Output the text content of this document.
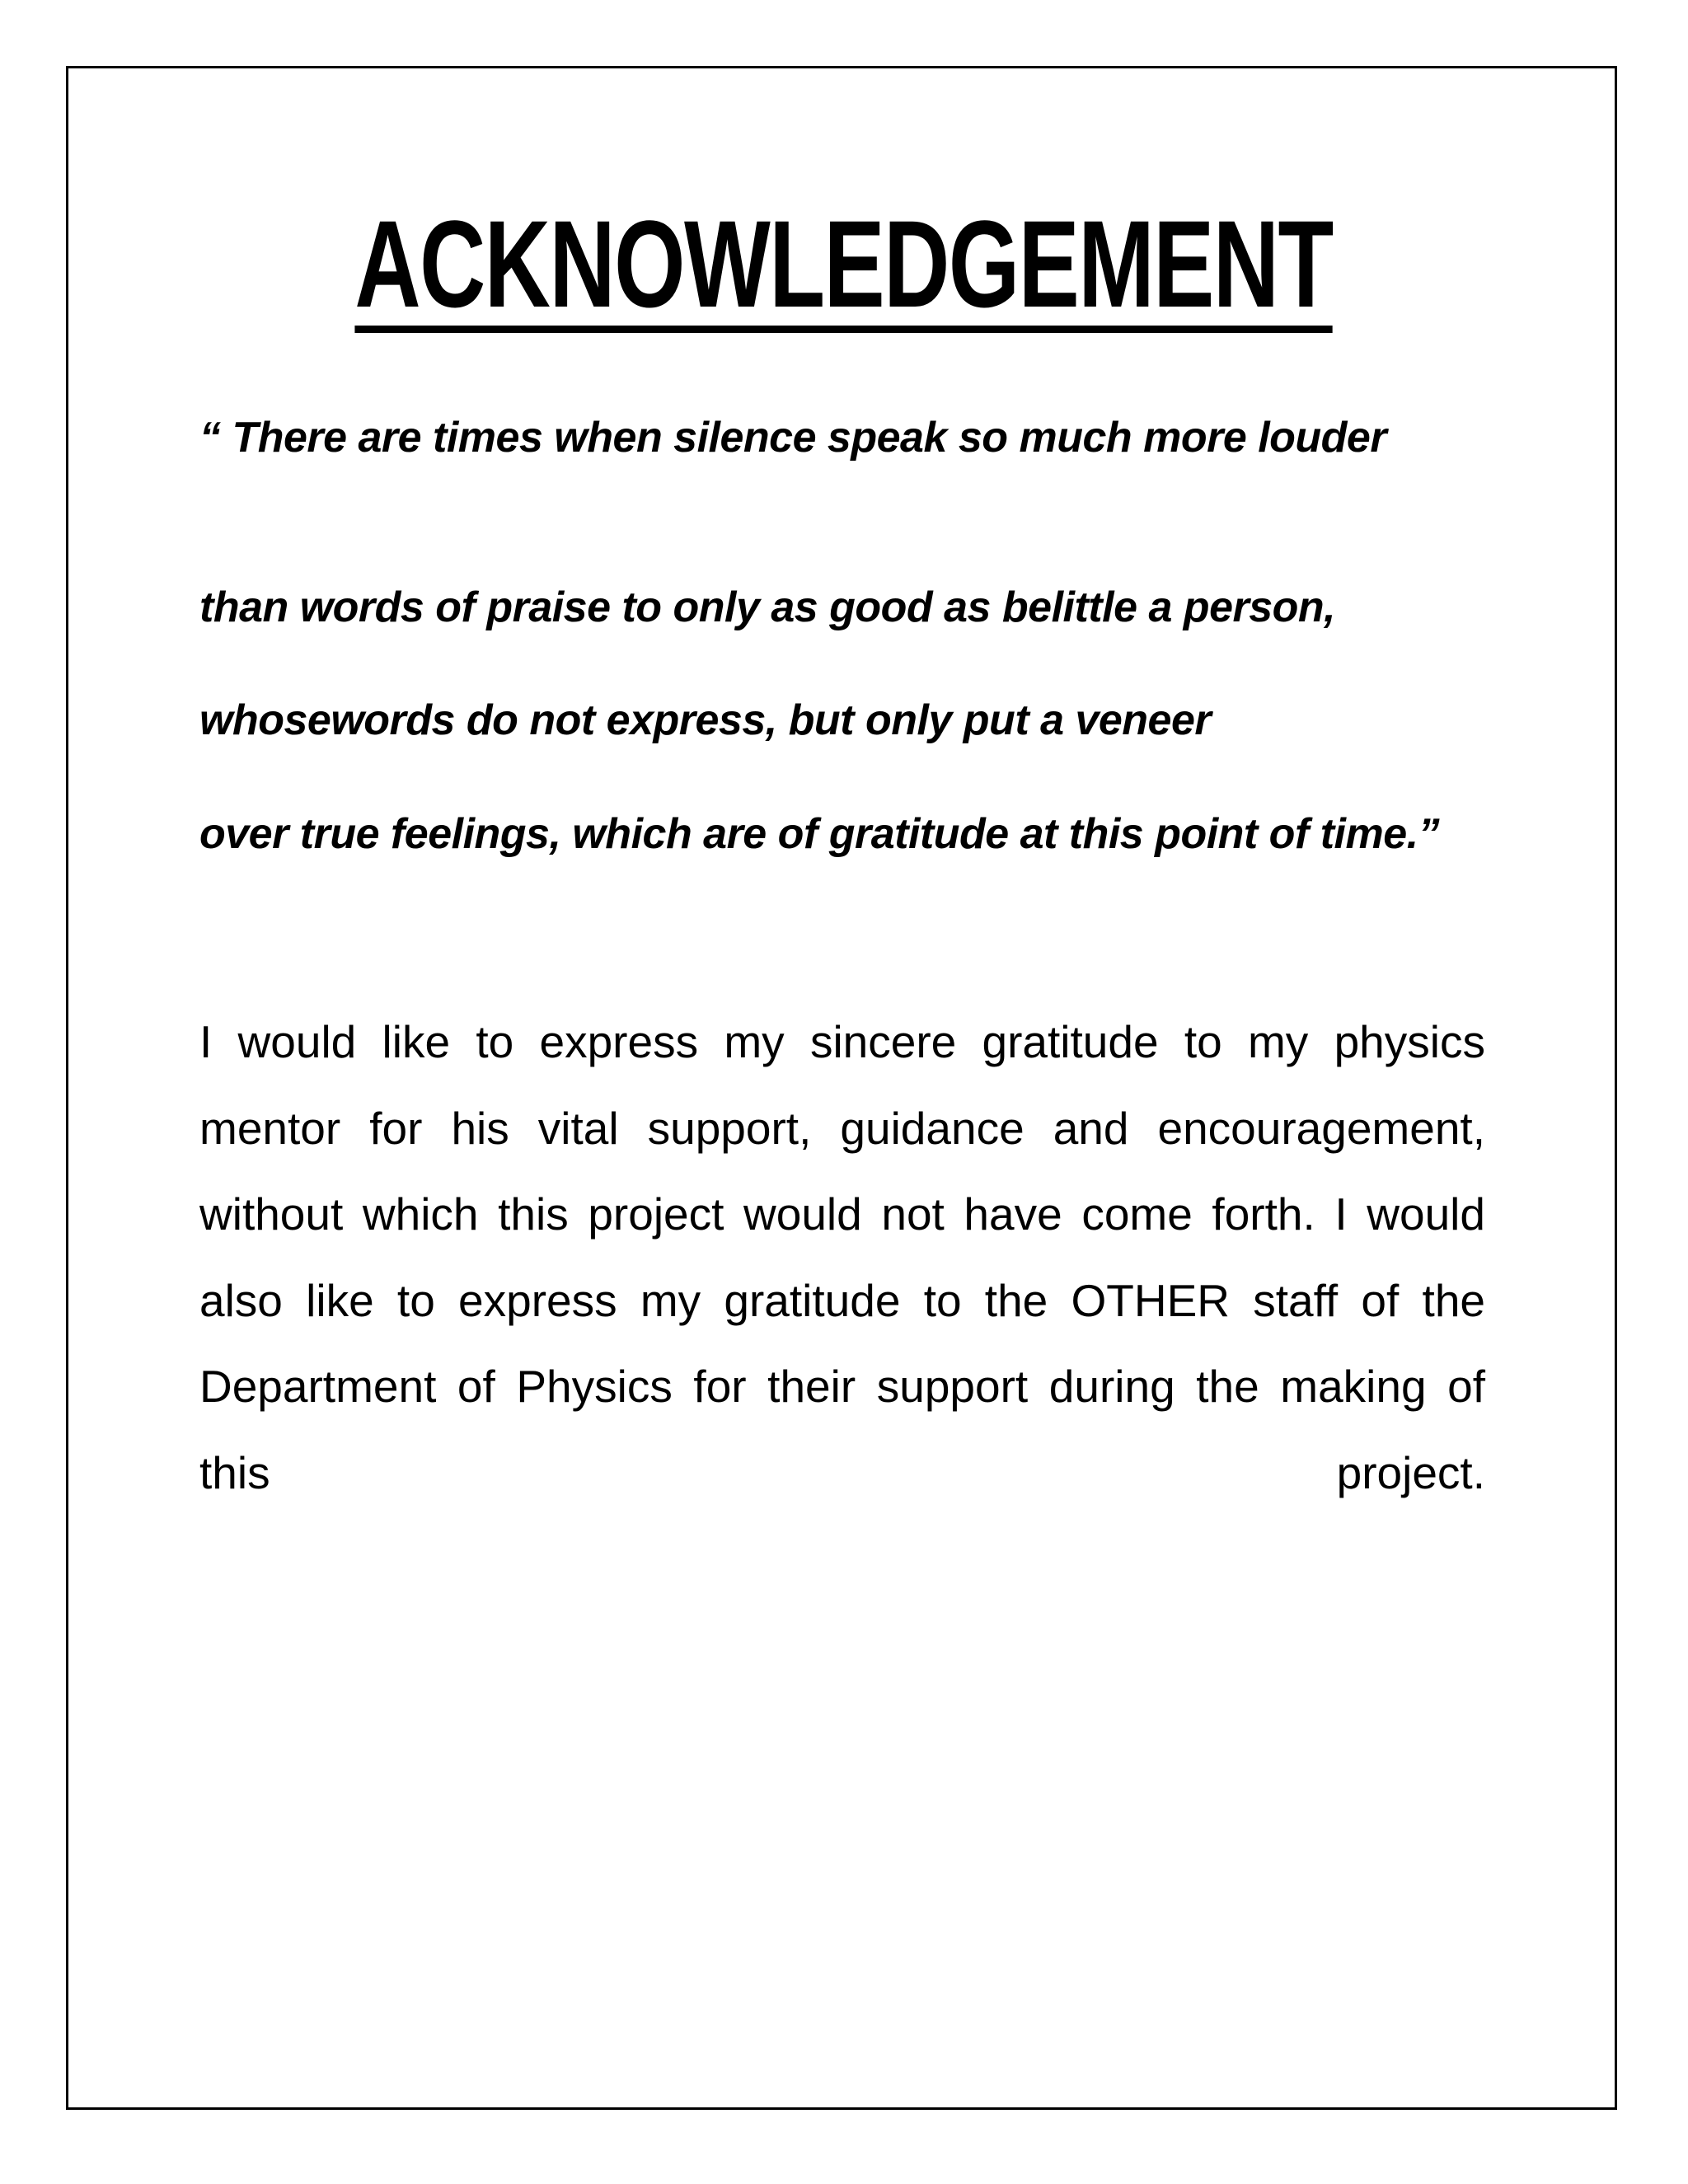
ACKNOWLEDGEMENT

“ There are times when silence speak so much more louder

than words of praise to only as good as belittle a person,

whosewords do not express, but only put a veneer

over true feelings, which are of gratitude at this point of time.”

I would like to express my sincere gratitude to my physics mentor for his vital support, guidance and encouragement, without which this project would not have come forth. I would also like to express my gratitude to the OTHER staff of the Department of Physics for their support during the making of this project.
